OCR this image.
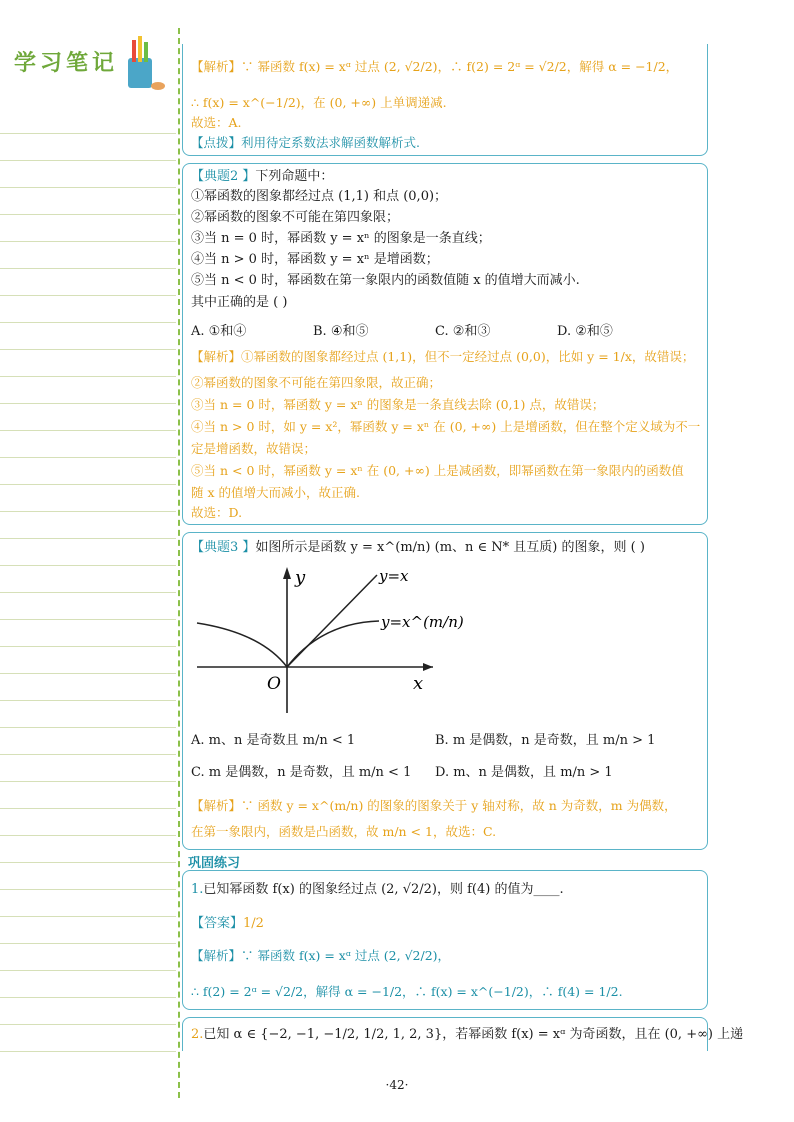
学习笔记	【解析】∵ 幂函数 f(x) = xᵅ 过点 (2, √2/2)，∴ f(2) = 2ᵅ = √2/2，解得 α = −1/2，
∴ f(x) = x^(−1/2)，在 (0, +∞) 上单调递减.
故选：A.
【点拨】利用待定系数法求解函数解析式.
【典题2 】下列命题中：
①幂函数的图象都经过点 (1,1) 和点 (0,0)；
②幂函数的图象不可能在第四象限；
③当 n = 0 时，幂函数 y = xⁿ 的图象是一条直线；
④当 n > 0 时，幂函数 y = xⁿ 是增函数；
⑤当 n < 0 时，幂函数在第一象限内的函数值随 x 的值增大而减小.
其中正确的是 ( )
A. ①和④	B. ④和⑤	C. ②和③	D. ②和⑤
【解析】①幂函数的图象都经过点 (1,1)，但不一定经过点 (0,0)，比如 y = 1/x，故错误；
②幂函数的图象不可能在第四象限，故正确；
③当 n = 0 时，幂函数 y = xⁿ 的图象是一条直线去除 (0,1) 点，故错误；
④当 n > 0 时，如 y = x²，幂函数 y = xⁿ 在 (0, +∞) 上是增函数，但在整个定义域为不一
定是增函数，故错误；
⑤当 n < 0 时，幂函数 y = xⁿ 在 (0, +∞) 上是减函数，即幂函数在第一象限内的函数值
随 x 的值增大而减小，故正确.
故选：D.
【典题3 】如图所示是函数 y = x^(m/n) (m、n ∈ N* 且互质) 的图象，则 ( )
y
x
O
y=x
y=x^(m/n)
A. m、n 是奇数且 m/n < 1	B. m 是偶数，n 是奇数，且 m/n > 1
C. m 是偶数，n 是奇数，且 m/n < 1 D. m、n 是偶数，且 m/n > 1
【解析】∵ 函数 y = x^(m/n) 的图象的图象关于 y 轴对称，故 n 为奇数，m 为偶数，
在第一象限内，函数是凸函数，故 m/n < 1，故选：C.
巩固练习
1.已知幂函数 f(x) 的图象经过点 (2, √2/2)，则 f(4) 的值为____.
【答案】1/2
【解析】∵ 幂函数 f(x) = xᵅ 过点 (2, √2/2)，
∴ f(2) = 2ᵅ = √2/2，解得 α = −1/2，∴ f(x) = x^(−1/2)，∴ f(4) = 1/2.
2.已知 α ∈ {−2, −1, −1/2, 1/2, 1, 2, 3}，若幂函数 f(x) = xᵅ 为奇函数，且在 (0, +∞) 上递
·42·
